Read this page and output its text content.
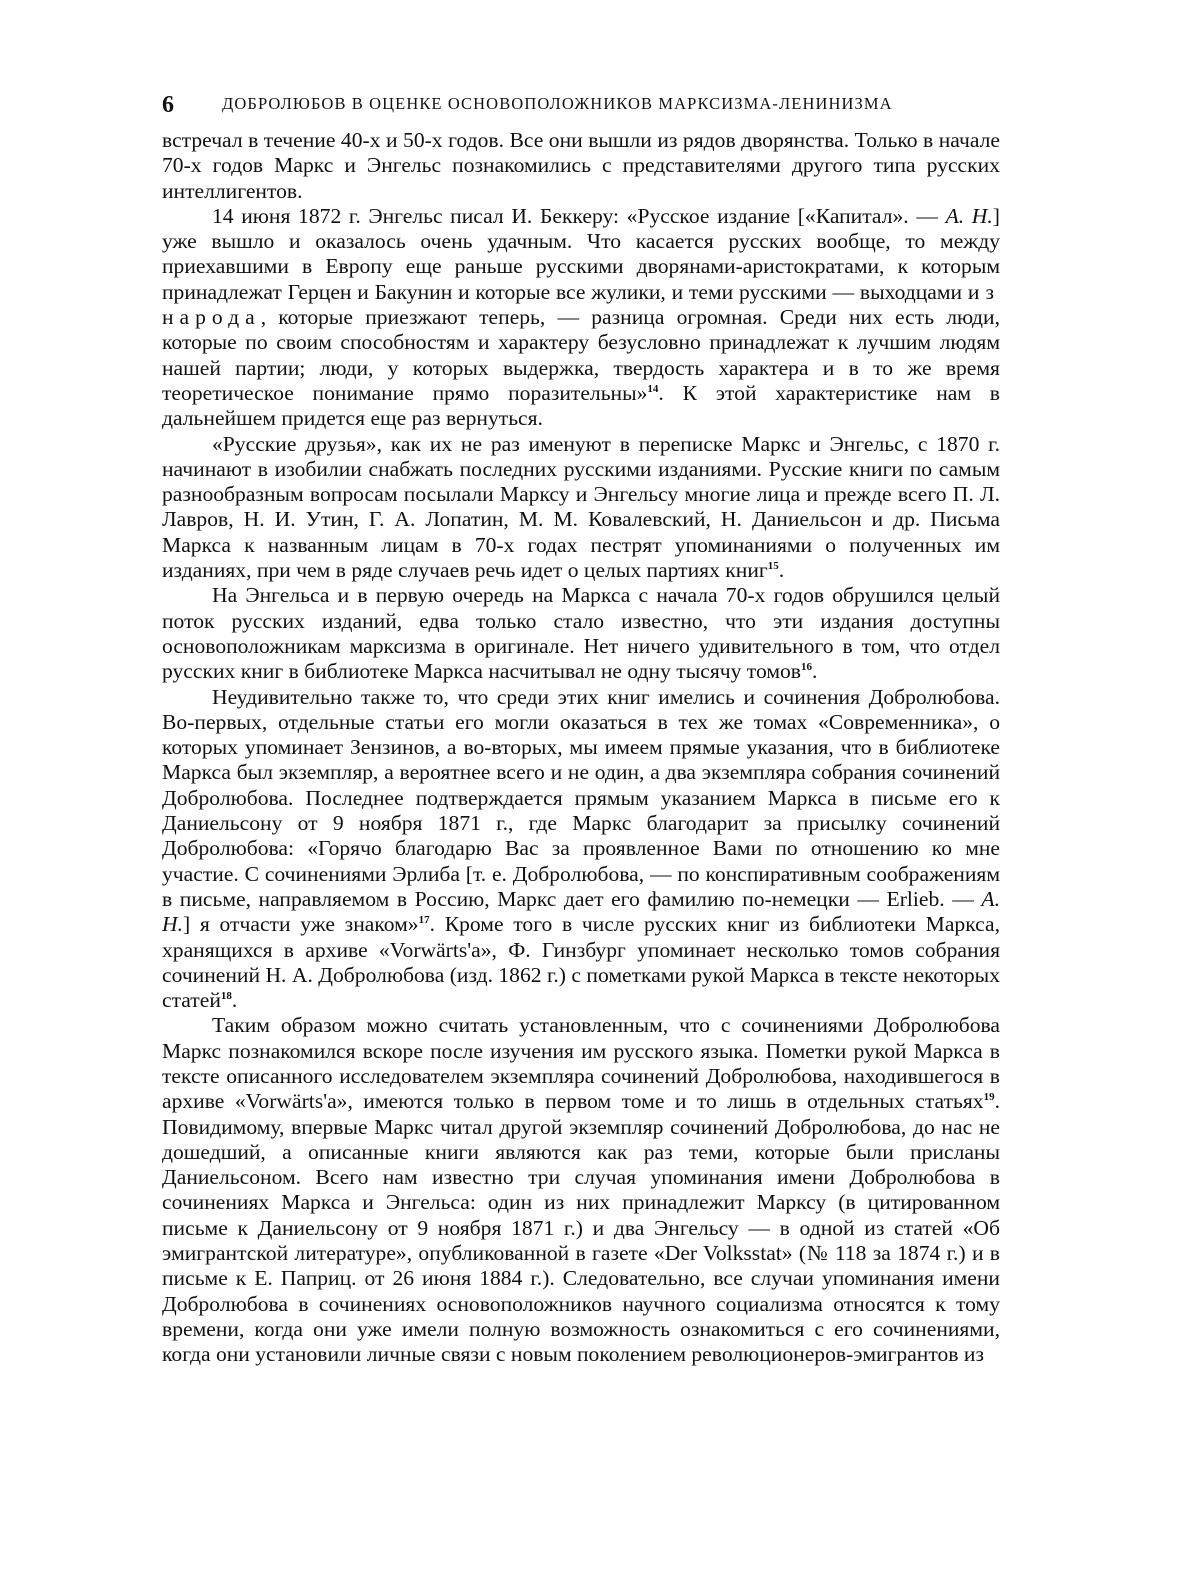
6	ДОБРОЛЮБОВ В ОЦЕНКЕ ОСНОВОПОЛОЖНИКОВ МАРКСИЗМА-ЛЕНИНИЗМА

встречал в течение 40-х и 50-х годов. Все они вышли из рядов дворянства. Только в начале 70-х годов Маркс и Энгельс познакомились с представителями другого типа русских интеллигентов.

14 июня 1872 г. Энгельс писал И. Беккеру: «Русское издание [«Капитал». — А. Н.] уже вышло и оказалось очень удачным. Что касается русских вообще, то между приехавшими в Европу еще раньше русскими дворянами-аристократами, к которым принадлежат Герцен и Бакунин и которые все жулики, и теми русскими — выходцами из народа, которые приезжают теперь, — разница огромная. Среди них есть люди, которые по своим способностям и характеру безусловно принадлежат к лучшим людям нашей партии; люди, у которых выдержка, твердость характера и в то же время теоретическое понимание прямо поразительны»$^{14}$. К этой характеристике нам в дальнейшем придется еще раз вернуться.

«Русские друзья», как их не раз именуют в переписке Маркс и Энгельс, с 1870 г. начинают в изобилии снабжать последних русскими изданиями. Русские книги по самым разнообразным вопросам посылали Марксу и Энгельсу многие лица и прежде всего П. Л. Лавров, Н. И. Утин, Г. А. Лопатин, М. М. Ковалевский, Н. Даниельсон и др. Письма Маркса к названным лицам в 70-х годах пестрят упоминаниями о полученных им изданиях, при чем в ряде случаев речь идет о целых партиях книг$^{15}$.

На Энгельса и в первую очередь на Маркса с начала 70-х годов обрушился целый поток русских изданий, едва только стало известно, что эти издания доступны основоположникам марксизма в оригинале. Нет ничего удивительного в том, что отдел русских книг в библиотеке Маркса насчитывал не одну тысячу томов$^{16}$.

Неудивительно также то, что среди этих книг имелись и сочинения Добролюбова. Во-первых, отдельные статьи его могли оказаться в тех же томах «Современника», о которых упоминает Зензинов, а во-вторых, мы имеем прямые указания, что в библиотеке Маркса был экземпляр, а вероятнее всего и не один, а два экземпляра собрания сочинений Добролюбова. Последнее подтверждается прямым указанием Маркса в письме его к Даниельсону от 9 ноября 1871 г., где Маркс благодарит за присылку сочинений Добролюбова: «Горячо благодарю Вас за проявленное Вами по отношению ко мне участие. С сочинениями Эрлиба [т. е. Добролюбова, — по конспиративным соображениям в письме, направляемом в Россию, Маркс дает его фамилию по-немецки — Erlieb. — А. Н.] я отчасти уже знаком»$^{17}$. Кроме того в числе русских книг из библиотеки Маркса, хранящихся в архиве «Vorwärts'a», Ф. Гинзбург упоминает несколько томов собрания сочинений Н. А. Добролюбова (изд. 1862 г.) с пометками рукой Маркса в тексте некоторых статей$^{18}$.

Таким образом можно считать установленным, что с сочинениями Добролюбова Маркс познакомился вскоре после изучения им русского языка. Пометки рукой Маркса в тексте описанного исследователем экземпляра сочинений Добролюбова, находившегося в архиве «Vorwärts'a», имеются только в первом томе и то лишь в отдельных статьях$^{19}$. Повидимому, впервые Маркс читал другой экземпляр сочинений Добролюбова, до нас не дошедший, а описанные книги являются как раз теми, которые были присланы Даниельсоном. Всего нам известно три случая упоминания имени Добролюбова в сочинениях Маркса и Энгельса: один из них принадлежит Марксу (в цитированном письме к Даниельсону от 9 ноября 1871 г.) и два Энгельсу — в одной из статей «Об эмигрантской литературе», опубликованной в газете «Der Volksstat» (№ 118 за 1874 г.) и в письме к Е. Паприц. от 26 июня 1884 г.). Следовательно, все случаи упоминания имени Добролюбова в сочинениях основоположников научного социализма относятся к тому времени, когда они уже имели полную возможность ознакомиться с его сочинениями, когда они установили личные связи с новым поколением революционеров-эмигрантов из
